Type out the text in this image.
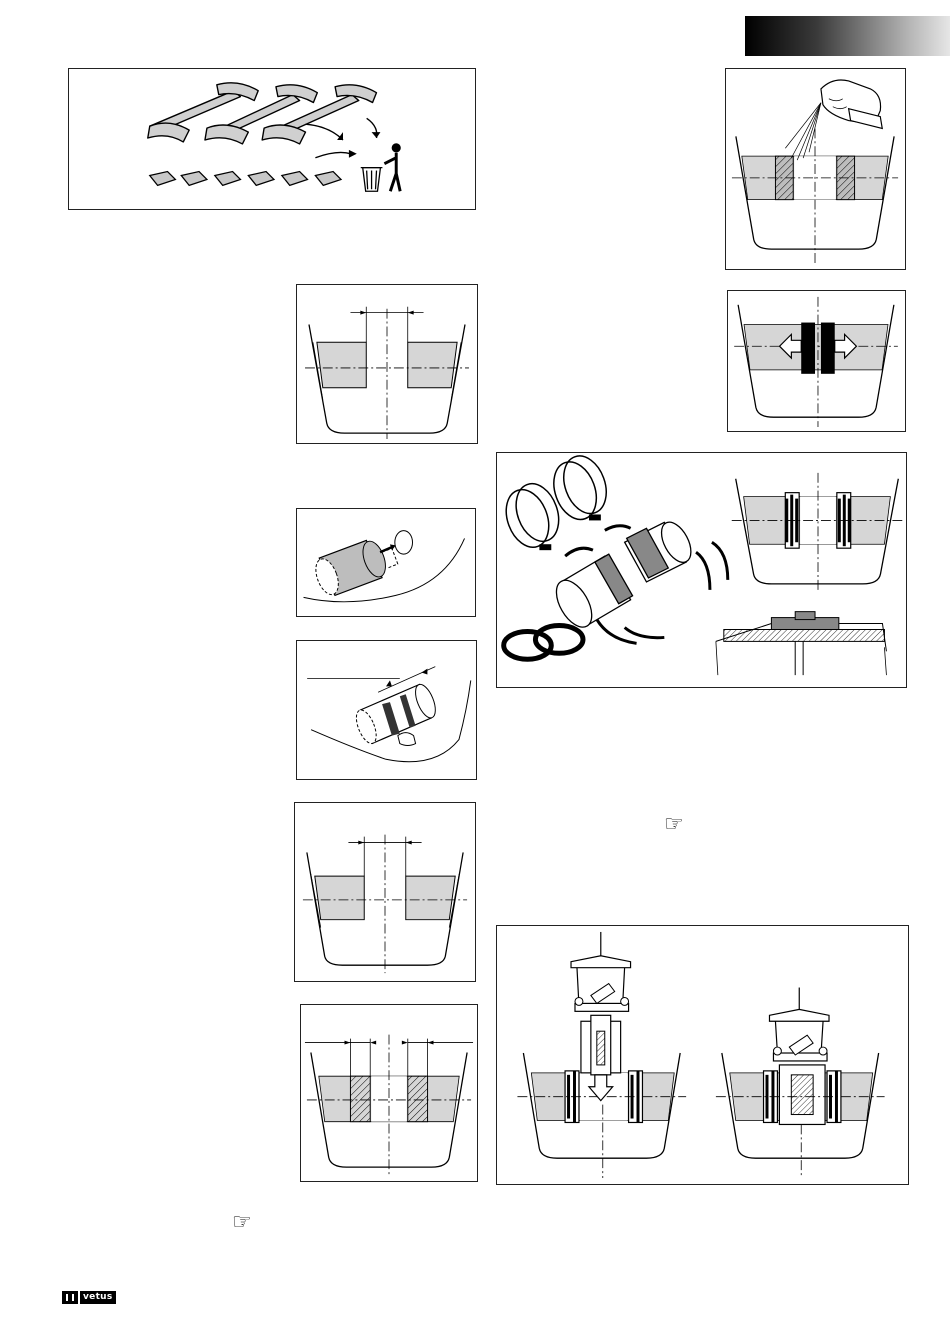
☞
☞
vetus
